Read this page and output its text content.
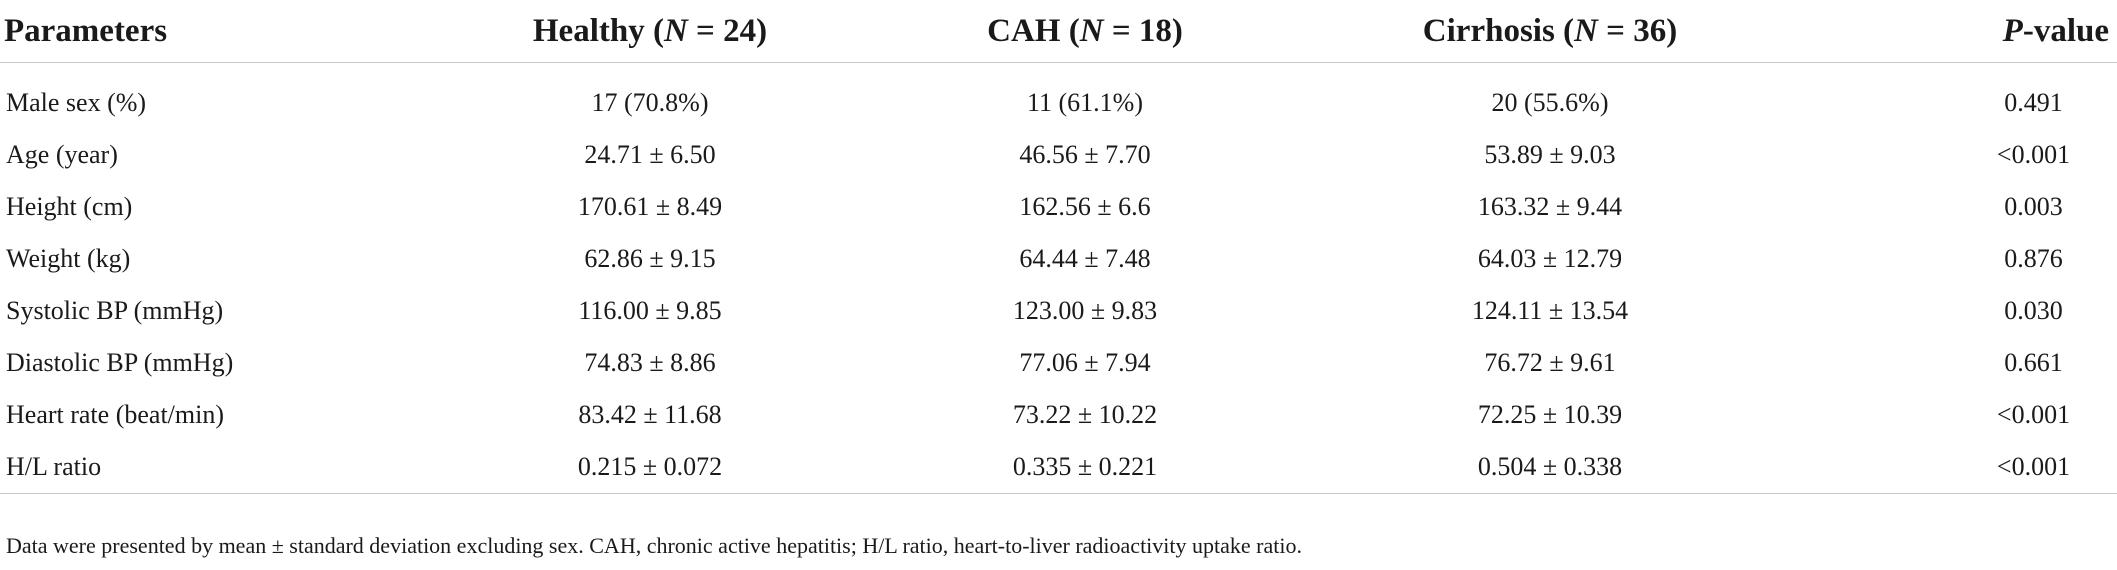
Parameters	Healthy (N = 24)	CAH (N = 18)	Cirrhosis (N = 36)	P-value

Male sex (%)	17 (70.8%)	11 (61.1%)	20 (55.6%)	0.491
Age (year)	24.71 ± 6.50	46.56 ± 7.70	53.89 ± 9.03	<0.001
Height (cm)	170.61 ± 8.49	162.56 ± 6.6	163.32 ± 9.44	0.003
Weight (kg)	62.86 ± 9.15	64.44 ± 7.48	64.03 ± 12.79	0.876
Systolic BP (mmHg)	116.00 ± 9.85	123.00 ± 9.83	124.11 ± 13.54	0.030
Diastolic BP (mmHg)	74.83 ± 8.86	77.06 ± 7.94	76.72 ± 9.61	0.661
Heart rate (beat/min)	83.42 ± 11.68	73.22 ± 10.22	72.25 ± 10.39	<0.001
H/L ratio	0.215 ± 0.072	0.335 ± 0.221	0.504 ± 0.338	<0.001
Data were presented by mean ± standard deviation excluding sex. CAH, chronic active hepatitis; H/L ratio, heart-to-liver radioactivity uptake ratio.
